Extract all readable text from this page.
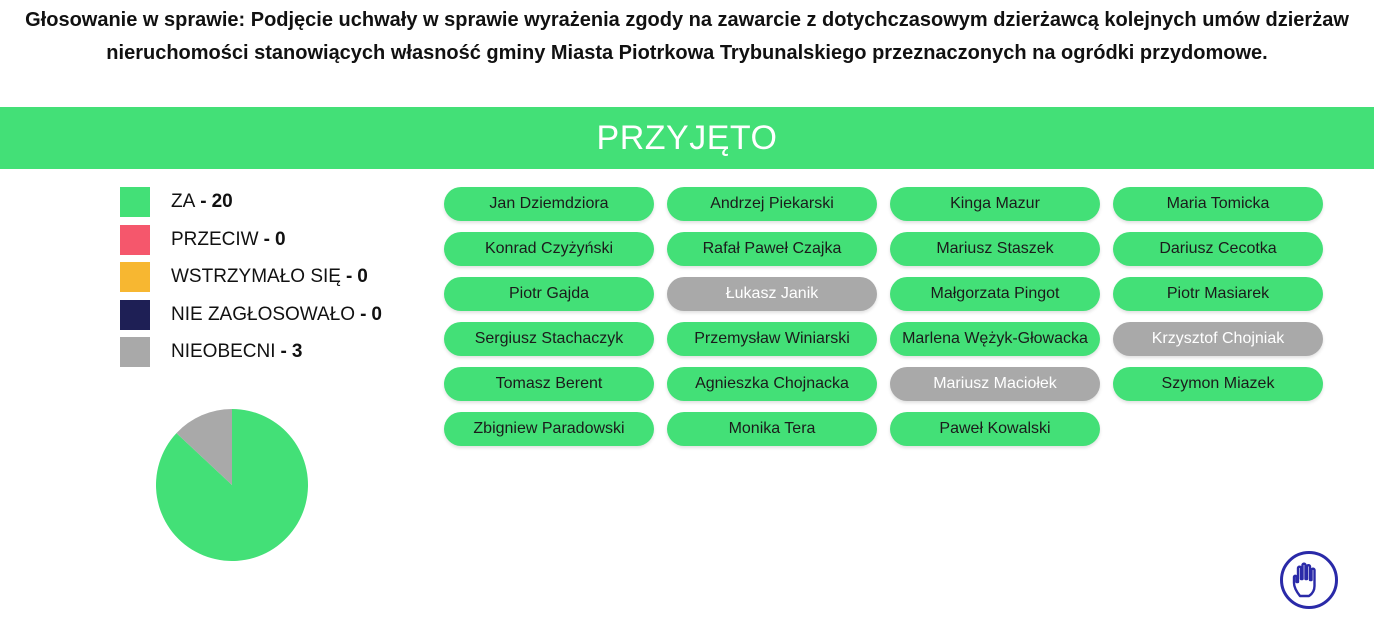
Głosowanie w sprawie: Podjęcie uchwały w sprawie wyrażenia zgody na zawarcie z dotychczasowym dzierżawcą kolejnych umów dzierżaw nieruchomości stanowiących własność gminy Miasta Piotrkowa Trybunalskiego przeznaczonych na ogródki przydomowe.
PRZYJĘTO
ZA - 20
PRZECIW - 0
WSTRZYMAŁO SIĘ - 0
NIE ZAGŁOSOWAŁO - 0
NIEOBECNI - 3
Jan Dziemdziora	Andrzej Piekarski	Kinga Mazur	Maria Tomicka
Konrad Czyżyński	Rafał Paweł Czajka	Mariusz Staszek	Dariusz Cecotka
Piotr Gajda	Łukasz Janik	Małgorzata Pingot	Piotr Masiarek
Sergiusz Stachaczyk	Przemysław Winiarski	Marlena Wężyk-Głowacka	Krzysztof Chojniak
Tomasz Berent	Agnieszka Chojnacka	Mariusz Maciołek	Szymon Miazek
Zbigniew Paradowski	Monika Tera	Paweł Kowalski
